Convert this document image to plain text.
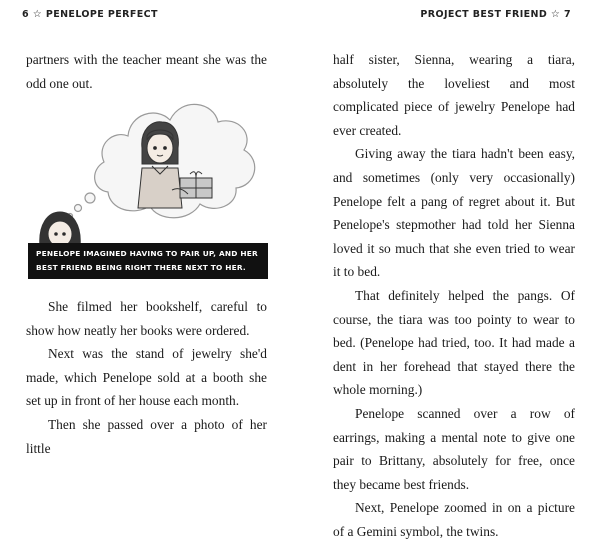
6 ☆ PENELOPE PERFECT

partners with the teacher meant she was the odd one out.

PENELOPE IMAGINED HAVING TO PAIR UP, AND HER BEST FRIEND BEING RIGHT THERE NEXT TO HER.

She filmed her bookshelf, careful to show how neatly her books were ordered.

Next was the stand of jewelry she'd made, which Penelope sold at a booth she set up in front of her house each month.

Then she passed over a photo of her little

PROJECT BEST FRIEND ☆ 7

half sister, Sienna, wearing a tiara, absolutely the loveliest and most complicated piece of jewelry Penelope had ever created.

Giving away the tiara hadn't been easy, and sometimes (only very occasionally) Penelope felt a pang of regret about it. But Penelope's stepmother had told her Sienna loved it so much that she even tried to wear it to bed.

That definitely helped the pangs. Of course, the tiara was too pointy to wear to bed. (Penelope had tried, too. It had made a dent in her forehead that stayed there the whole morning.)

Penelope scanned over a row of earrings, making a mental note to give one pair to Brittany, absolutely for free, once they became best friends.

Next, Penelope zoomed in on a picture of a Gemini symbol, the twins.
